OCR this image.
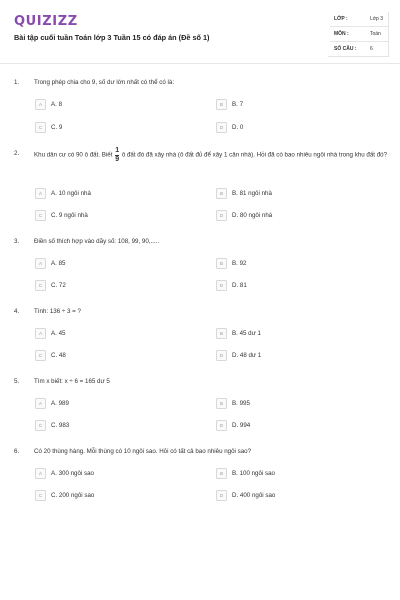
QUIZIZZ
Bài tập cuối tuần Toán lớp 3 Tuần 15 có đáp án (Đề số 1)
LỚP :	Lớp 3
MÔN :	Toán
SỐ CÂU :	6
1. Trong phép chia cho 9, số dư lớn nhất có thể có là:
A	A. 8	B	B. 7
C	C. 9	D	D. 0
2. Khu dân cư có 90 ô đất. Biết $\frac{1}{9}$ ô đất đó đã xây nhà (ô đất đủ để xây 1 căn nhà). Hỏi đã có bao nhiêu ngôi nhà trong khu đất đó?
A	A. 10 ngôi nhà	B	B. 81 ngôi nhà
C	C. 9 ngôi nhà	D	D. 80 ngôi nhà
3. Điền số thích hợp vào dãy số: 108, 99, 90,.....
A	A. 85	B	B. 92
C	C. 72	D	D. 81
4. Tính: 136 ÷ 3 = ?
A	A. 45	B	B. 45 dư 1
C	C. 48	D	D. 48 dư 1
5. Tìm x biết: x ÷ 6 = 165 dư 5
A	A. 989	B	B. 995
C	C. 983	D	D. 994
6. Có 20 thùng hàng. Mỗi thùng có 10 ngôi sao. Hỏi có tất cả bao nhiêu ngôi sao?
A	A. 300 ngôi sao	B	B. 100 ngôi sao
C	C. 200 ngôi sao	D	D. 400 ngôi sao
